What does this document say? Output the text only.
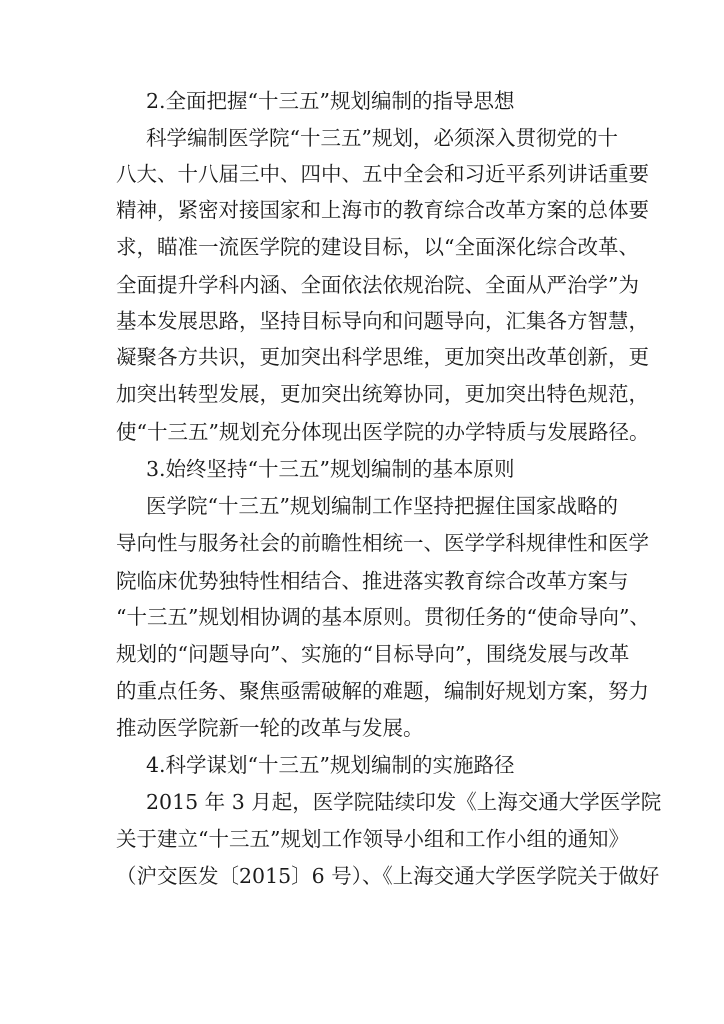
2.全面把握“十三五”规划编制的指导思想
科学编制医学院“十三五”规划，必须深入贯彻党的十
八大、十八届三中、四中、五中全会和习近平系列讲话重要
精神，紧密对接国家和上海市的教育综合改革方案的总体要
求，瞄准一流医学院的建设目标，以“全面深化综合改革、
全面提升学科内涵、全面依法依规治院、全面从严治学”为
基本发展思路，坚持目标导向和问题导向，汇集各方智慧，
凝聚各方共识，更加突出科学思维，更加突出改革创新，更
加突出转型发展，更加突出统筹协同，更加突出特色规范，
使“十三五”规划充分体现出医学院的办学特质与发展路径。
3.始终坚持“十三五”规划编制的基本原则
医学院“十三五”规划编制工作坚持把握住国家战略的
导向性与服务社会的前瞻性相统一、医学学科规律性和医学
院临床优势独特性相结合、推进落实教育综合改革方案与
“十三五”规划相协调的基本原则。贯彻任务的“使命导向”、
规划的“问题导向”、实施的“目标导向”，围绕发展与改革
的重点任务、聚焦亟需破解的难题，编制好规划方案，努力
推动医学院新一轮的改革与发展。
4.科学谋划“十三五”规划编制的实施路径
2015 年 3 月起，医学院陆续印发《上海交通大学医学院
关于建立“十三五”规划工作领导小组和工作小组的通知》
（沪交医发〔2015〕6 号）、《上海交通大学医学院关于做好
